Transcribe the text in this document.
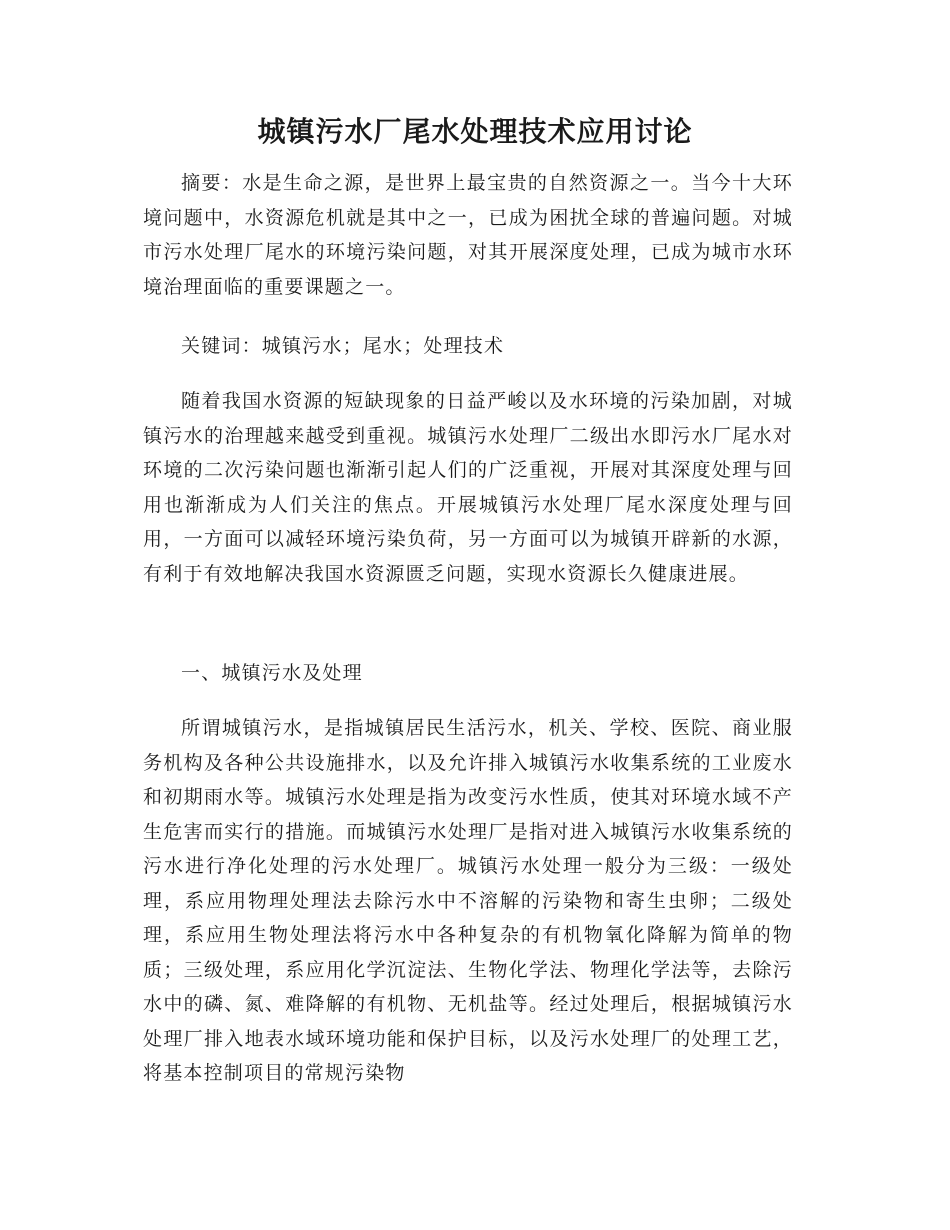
城镇污水厂尾水处理技术应用讨论

摘要：水是生命之源，是世界上最宝贵的自然资源之一。当今十大环境问题中，水资源危机就是其中之一，已成为困扰全球的普遍问题。对城市污水处理厂尾水的环境污染问题，对其开展深度处理，已成为城市水环境治理面临的重要课题之一。

关键词：城镇污水；尾水；处理技术

随着我国水资源的短缺现象的日益严峻以及水环境的污染加剧，对城镇污水的治理越来越受到重视。城镇污水处理厂二级出水即污水厂尾水对环境的二次污染问题也渐渐引起人们的广泛重视，开展对其深度处理与回用也渐渐成为人们关注的焦点。开展城镇污水处理厂尾水深度处理与回用，一方面可以减轻环境污染负荷，另一方面可以为城镇开辟新的水源，有利于有效地解决我国水资源匮乏问题，实现水资源长久健康进展。

一、城镇污水及处理

所谓城镇污水，是指城镇居民生活污水，机关、学校、医院、商业服务机构及各种公共设施排水，以及允许排入城镇污水收集系统的工业废水和初期雨水等。城镇污水处理是指为改变污水性质，使其对环境水域不产生危害而实行的措施。而城镇污水处理厂是指对进入城镇污水收集系统的污水进行净化处理的污水处理厂。城镇污水处理一般分为三级：一级处理，系应用物理处理法去除污水中不溶解的污染物和寄生虫卵；二级处理，系应用生物处理法将污水中各种复杂的有机物氧化降解为简单的物质；三级处理，系应用化学沉淀法、生物化学法、物理化学法等，去除污水中的磷、氮、难降解的有机物、无机盐等。经过处理后，根据城镇污水处理厂排入地表水域环境功能和保护目标，以及污水处理厂的处理工艺，将基本控制项目的常规污染物
